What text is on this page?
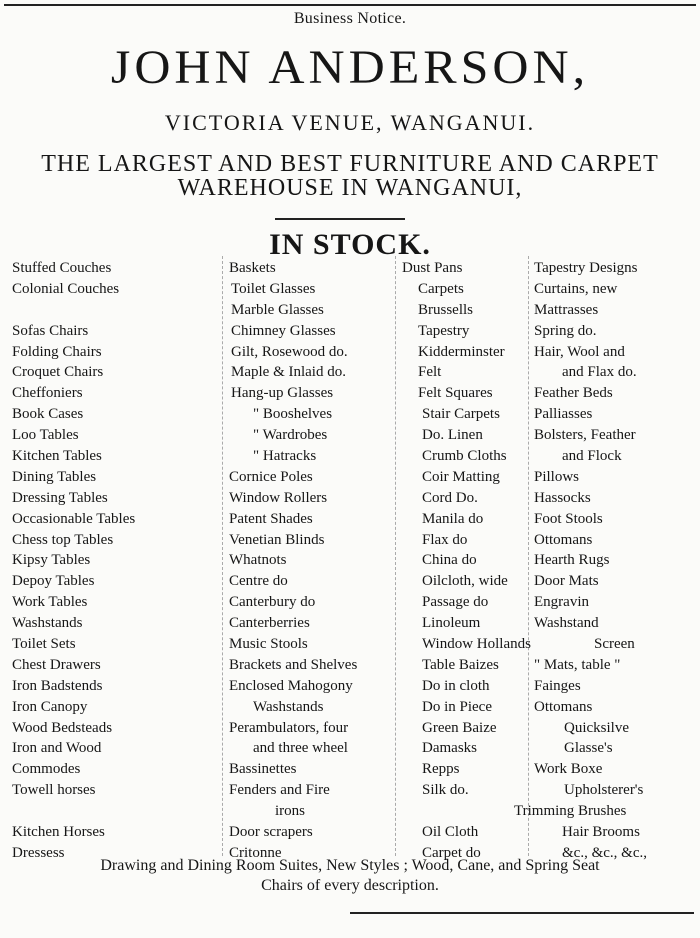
Business Notice.
JOHN ANDERSON,
VICTORIA VENUE, WANGANUI.
THE LARGEST AND BEST FURNITURE AND CARPET
WAREHOUSE IN WANGANUI,
IN STOCK.
Stuffed Couches
Colonial Couches
Sofas Chairs
Folding Chairs
Croquet Chairs
Cheffoniers
Book Cases
Loo Tables
Kitchen Tables
Dining Tables
Dressing Tables
Occasionable Tables
Chess top Tables
Kipsy Tables
Depoy Tables
Work Tables
Washstands
Toilet Sets
Chest Drawers
Iron Badstends
Iron Canopy
Wood Bedsteads
Iron and Wood
Commodes
Towell horses
Kitchen Horses
Dressess
Baskets
Toilet Glasses
Marble Glasses
Chimney Glasses
Gilt, Rosewood do.
Maple & Inlaid do.
Hang-up Glasses
" Booshelves
" Wardrobes
" Hatracks
Cornice Poles
Window Rollers
Patent Shades
Venetian Blinds
Whatnots
Centre do
Canterbury do
Canterberries
Music Stools
Brackets and Shelves
Enclosed Mahogony
Washstands
Perambulators, four
and three wheel
Bassinettes
Fenders and Fire
irons
Door scrapers
Critonne
Dust Pans
Carpets
Brussells
Tapestry
Kidderminster
Felt
Felt Squares
Stair Carpets
Do. Linen
Crumb Cloths
Coir Matting
Cord Do.
Manila do
Flax do
China do
Oilcloth, wide
Passage do
Linoleum
Window Hollands
Table Baizes
Do in cloth
Do in Piece
Green Baize
Damasks
Repps
Silk do.
Oil Cloth
Carpet do
Tapestry Designs
Curtains, new
Mattrasses
Spring do.
Hair, Wool and
and Flax do.
Feather Beds
Palliasses
Bolsters, Feather
and Flock
Pillows
Hassocks
Foot Stools
Ottomans
Hearth Rugs
Door Mats
Engravin
Washstand
Screen
" Mats, table "
Fainges
Ottomans
Quicksilve
Glasse's
Work Boxe
Upholsterer's
Trimming Brushes
Hair Brooms
&c., &c., &c.,
Drawing and Dining Room Suites, New Styles ; Wood, Cane, and Spring Seat
Chairs of every description.
